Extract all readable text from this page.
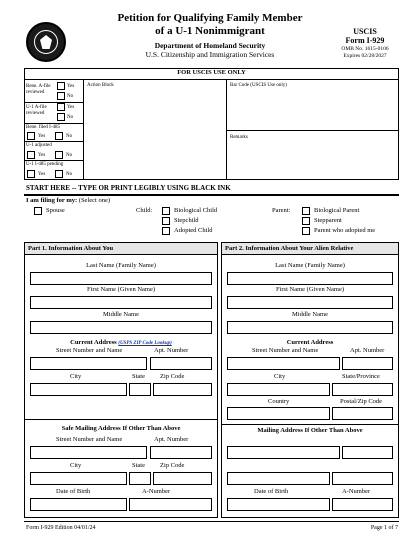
Petition for Qualifying Family Member
of a U-1 Nonimmigrant
Department of Homeland Security
U.S. Citizenship and Immigration Services
USCIS
Form I-929
OMB No. 1615-0106
Expires 02/28/2027
FOR USCIS USE ONLY
Action Block	Bar Code (USCIS Use only)
Remarks
Bene. A-file reviewed
Yes
No
U-1 A-file reviewed
Yes
No
Bene. filed I-485
Yes	No
U-1 adjusted
Yes	No
U-1 I-485 pending
Yes	No
START HERE -- TYPE OR PRINT LEGIBLY USING BLACK INK
I am filing for my: (Select one)
Spouse	Child:	Biological Child
Stepchild
Adopted Child
Parent:	Biological Parent
Stepparent
Parent who adopted me
Part 1. Information About You
Last Name (Family Name)
First Name (Given Name)
Middle Name
Current Address (USPS ZIP Code Lookup)
Street Number and Name	Apt. Number
City	State Zip Code
Safe Mailing Address If Other Than Above
Street Number and Name	Apt. Number
City	State Zip Code
Date of Birth	A-Number
Part 2. Information About Your Alien Relative
Last Name (Family Name)
First Name (Given Name)
Middle Name
Current Address
Street Number and Name	Apt. Number
City	State/Province
Country	Postal/Zip Code
Mailing Address If Other Than Above
Date of Birth	A-Number
Form I-929 Edition 04/01/24	Page 1 of 7
